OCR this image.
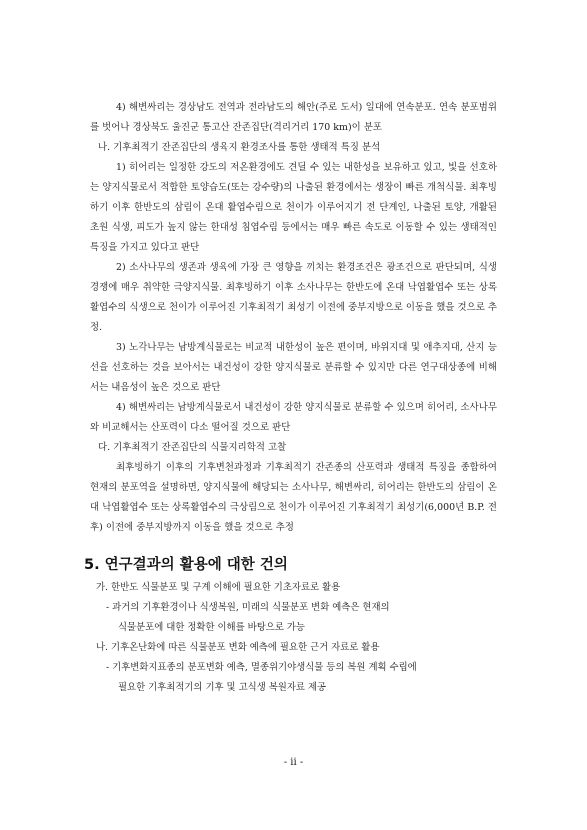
4) 해변싸리는 경상남도 전역과 전라남도의 해안(주로 도서) 일대에 연속분포. 연속 분포범위를 벗어나 경상북도 울진군 통고산 잔존집단(격리거리 170 km)이 분포

나. 기후최적기 잔존집단의 생육지 환경조사를 통한 생태적 특징 분석

1) 히어리는 일정한 강도의 저온환경에도 견딜 수 있는 내한성을 보유하고 있고, 빛을 선호하는 양지식물로서 적합한 토양습도(또는 강수량)의 나출된 환경에서는 생장이 빠른 개척식물. 최후빙하기 이후 한반도의 삼림이 온대 활엽수림으로 천이가 이루어지기 전 단계인, 나출된 토양, 개활된 초원 식생, 피도가 높지 않는 한대성 침엽수림 등에서는 매우 빠른 속도로 이동할 수 있는 생태적인 특징을 가지고 있다고 판단

2) 소사나무의 생존과 생육에 가장 큰 영향을 끼치는 환경조건은 광조건으로 판단되며, 식생경쟁에 매우 취약한 극양지식물. 최후빙하기 이후 소사나무는 한반도에 온대 낙엽활엽수 또는 상록활엽수의 식생으로 천이가 이루어진 기후최적기 최성기 이전에 중부지방으로 이동을 했을 것으로 추정.

3) 노각나무는 남방계식물로는 비교적 내한성이 높은 편이며, 바위지대 및 애추지대, 산지 능선을 선호하는 것을 보아서는 내건성이 강한 양지식물로 분류할 수 있지만 다른 연구대상종에 비해서는 내음성이 높은 것으로 판단

4) 해변싸리는 남방계식물로서 내건성이 강한 양지식물로 분류할 수 있으며 히어리, 소사나무와 비교해서는 산포력이 다소 떨어질 것으로 판단

다. 기후최적기 잔존집단의 식물지리학적 고찰

최후빙하기 이후의 기후변천과정과 기후최적기 잔존종의 산포력과 생태적 특징을 종합하여 현재의 분포역을 설명하면, 양지식물에 해당되는 소사나무, 해변싸리, 히어리는 한반도의 삼림이 온대 낙엽활엽수 또는 상록활엽수의 극상림으로 천이가 이루어진 기후최적기 최성기(6,000년 B.P. 전후) 이전에 중부지방까지 이동을 했을 것으로 추정

5. 연구결과의 활용에 대한 건의

가. 한반도 식물분포 및 구계 이해에 필요한 기초자료로 활용

- 과거의 기후환경이나 식생복원, 미래의 식물분포 변화 예측은 현재의

식물분포에 대한 정확한 이해를 바탕으로 가능

나. 기후온난화에 따른 식물분포 변화 예측에 필요한 근거 자료로 활용

- 기후변화지표종의 분포변화 예측, 멸종위기야생식물 등의 복원 계획 수립에

필요한 기후최적기의 기후 및 고식생 복원자료 제공

- ii -
